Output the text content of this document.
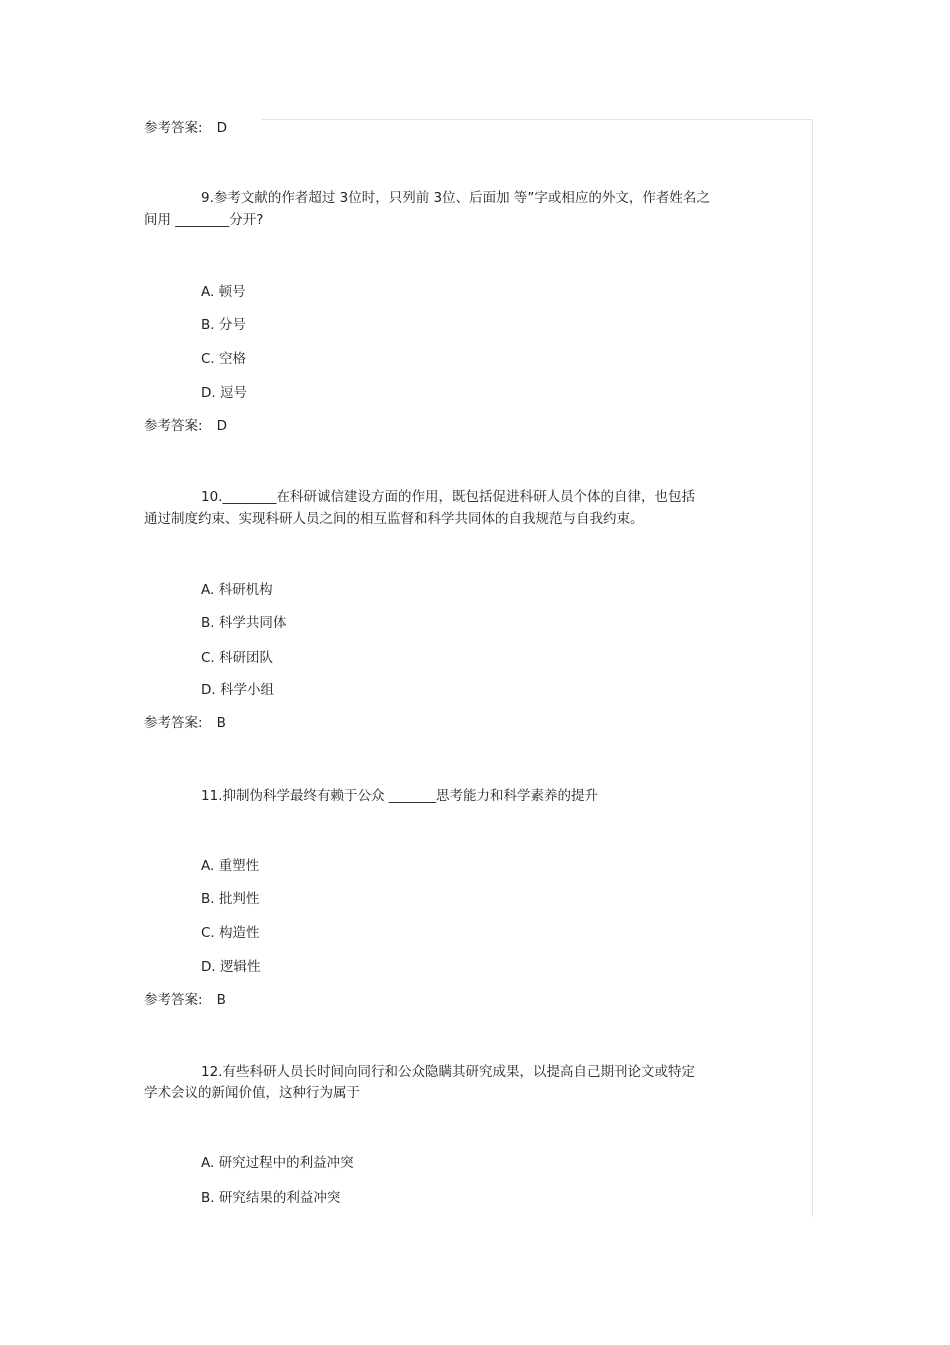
参考答案: D
9.参考文献的作者超过 3位时，只列前 3位、后面加 等”字或相应的外文，作者姓名之
间用 ________分开?
A. 顿号
B. 分号
C. 空格
D. 逗号
参考答案: D
10.________在科研诚信建设方面的作用，既包括促进科研人员个体的自律，也包括
通过制度约束、实现科研人员之间的相互监督和科学共同体的自我规范与自我约束。
A. 科研机构
B. 科学共同体
C. 科研团队
D. 科学小组
参考答案: B
11.抑制伪科学最终有赖于公众 _______思考能力和科学素养的提升
A. 重塑性
B. 批判性
C. 构造性
D. 逻辑性
参考答案: B
12.有些科研人员长时间向同行和公众隐瞒其研究成果，以提高自己期刊论文或特定
学术会议的新闻价值，这种行为属于
A. 研究过程中的利益冲突
B. 研究结果的利益冲突
